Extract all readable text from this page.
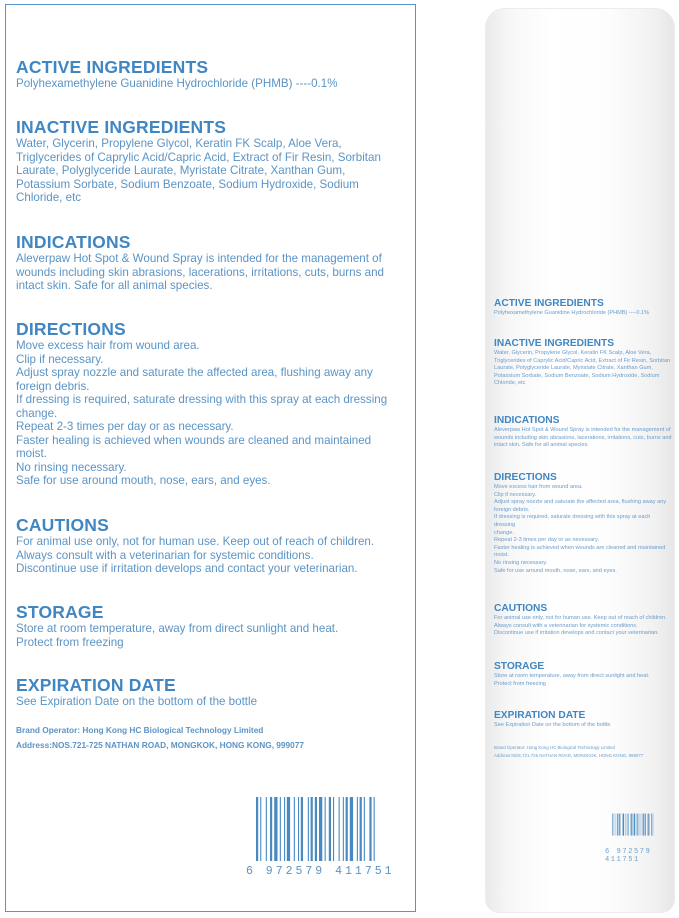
ACTIVE INGREDIENTS

Polyhexamethylene Guanidine Hydrochloride (PHMB) ----0.1%

INACTIVE INGREDIENTS

Water, Glycerin, Propylene Glycol, Keratin FK Scalp, Aloe Vera,
Triglycerides of Caprylic Acid/Capric Acid, Extract of Fir Resin, Sorbitan
Laurate, Polyglyceride Laurate, Myristate Citrate, Xanthan Gum,
Potassium Sorbate, Sodium Benzoate, Sodium Hydroxide, Sodium
Chloride, etc

INDICATIONS

Aleverpaw Hot Spot & Wound Spray is intended for the management of
wounds including skin abrasions, lacerations, irritations, cuts, burns and
intact skin. Safe for all animal species.

DIRECTIONS

Move excess hair from wound area.
Clip if necessary.
Adjust spray nozzle and saturate the affected area, flushing away any
foreign debris.
If dressing is required, saturate dressing with this spray at each dressing
change.
Repeat 2-3 times per day or as necessary.
Faster healing is achieved when wounds are cleaned and maintained
moist.
No rinsing necessary.
Safe for use around mouth, nose, ears, and eyes.

CAUTIONS

For animal use only, not for human use. Keep out of reach of children.
Always consult with a veterinarian for systemic conditions.
Discontinue use if irritation develops and contact your veterinarian.

STORAGE

Store at room temperature, away from direct sunlight and heat.
Protect from freezing

EXPIRATION DATE

See Expiration Date on the bottom of the bottle

Brand Operator: Hong Kong HC Biological Technology Limited
Address:NOS.721-725 NATHAN ROAD, MONGKOK, HONG KONG, 999077
6 972579 411751
ACTIVE INGREDIENTS

Polyhexamethylene Guanidine Hydrochloride (PHMB) ----0.1%

INACTIVE INGREDIENTS

Water, Glycerin, Propylene Glycol, Keratin FK Scalp, Aloe Vera,
Triglycerides of Caprylic Acid/Capric Acid, Extract of Fir Resin, Sorbitan
Laurate, Polyglyceride Laurate, Myristate Citrate, Xanthan Gum,
Potassium Sorbate, Sodium Benzoate, Sodium Hydroxide, Sodium
Chloride, etc

INDICATIONS

Aleverpaw Hot Spot & Wound Spray is intended for the management of
wounds including skin abrasions, lacerations, irritations, cuts, burns and
intact skin. Safe for all animal species.

DIRECTIONS

Move excess hair from wound area.
Clip if necessary.
Adjust spray nozzle and saturate the affected area, flushing away any
foreign debris.
If dressing is required, saturate dressing with this spray at each dressing
change.
Repeat 2-3 times per day or as necessary.
Faster healing is achieved when wounds are cleaned and maintained
moist.
No rinsing necessary.
Safe for use around mouth, nose, ears, and eyes.

CAUTIONS

For animal use only, not for human use. Keep out of reach of children.
Always consult with a veterinarian for systemic conditions.
Discontinue use if irritation develops and contact your veterinarian.

STORAGE

Store at room temperature, away from direct sunlight and heat.
Protect from freezing

EXPIRATION DATE

See Expiration Date on the bottom of the bottle

Brand Operator: Hong Kong HC Biological Technology Limited
Address:NOS.721-725 NATHAN ROAD, MONGKOK, HONG KONG, 999077
6 972579 411751
